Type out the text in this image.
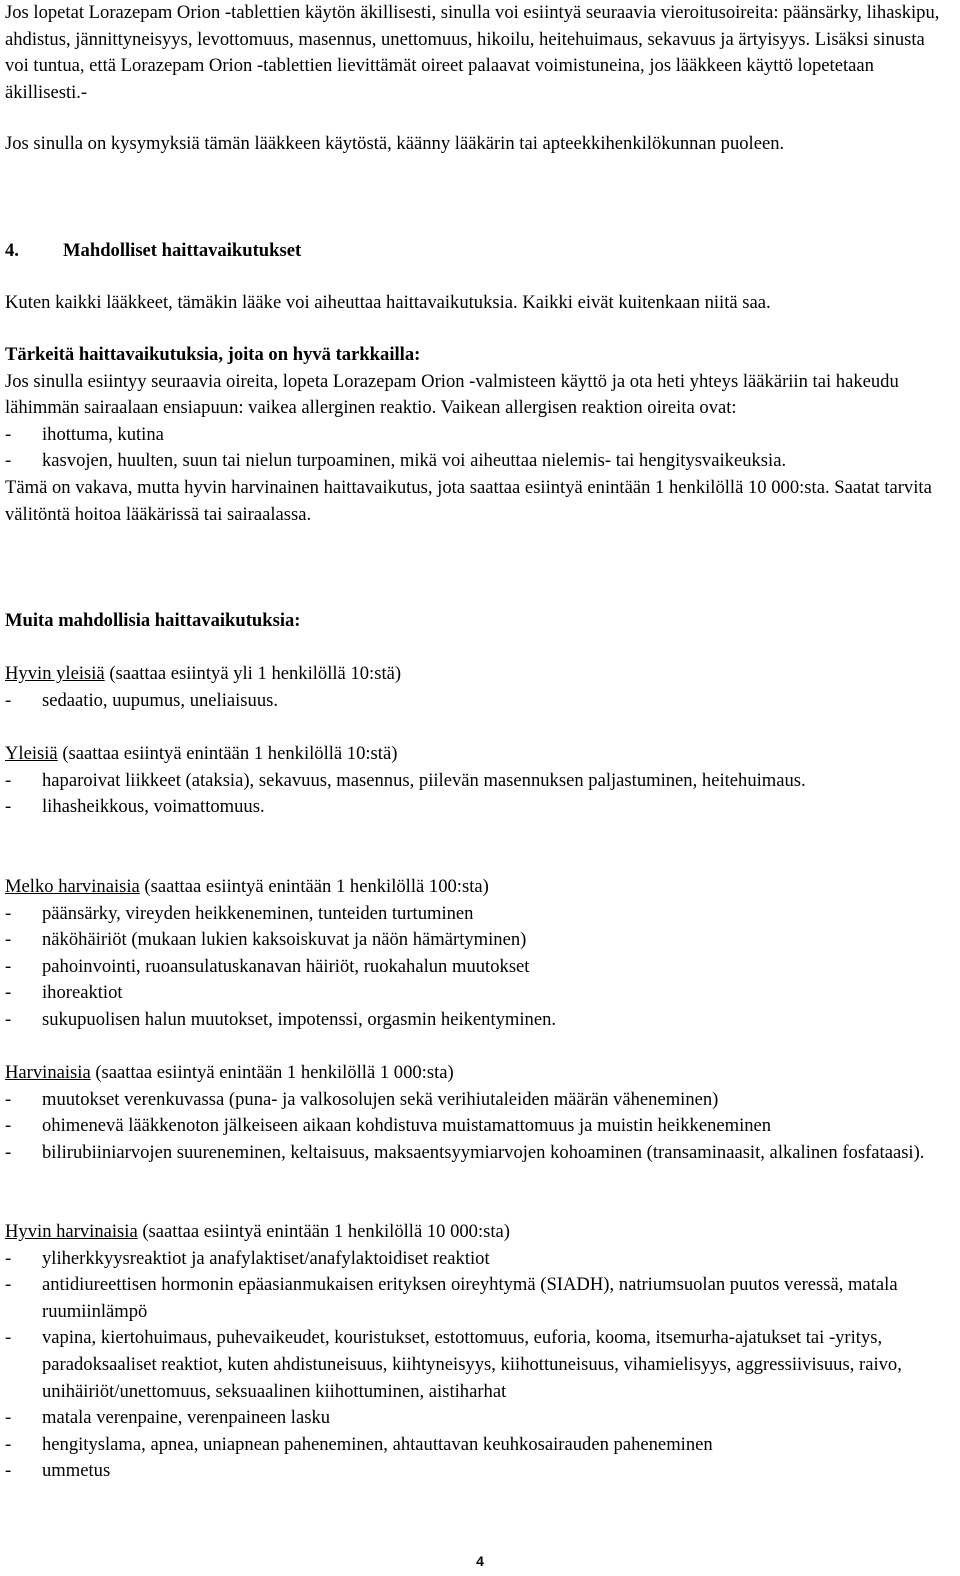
Jos lopetat Lorazepam Orion -tablettien käytön äkillisesti, sinulla voi esiintyä seuraavia vieroitusoireita: päänsärky, lihaskipu, ahdistus, jännittyneisyys, levottomuus, masennus, unettomuus, hikoilu, heitehuimaus, sekavuus ja ärtyisyys. Lisäksi sinusta voi tuntua, että Lorazepam Orion -tablettien lievittämät oireet palaavat voimistuneina, jos lääkkeen käyttö lopetetaan äkillisesti.-

Jos sinulla on kysymyksiä tämän lääkkeen käytöstä, käänny lääkärin tai apteekkihenkilökunnan puoleen.

4. Mahdolliset haittavaikutukset

Kuten kaikki lääkkeet, tämäkin lääke voi aiheuttaa haittavaikutuksia. Kaikki eivät kuitenkaan niitä saa.

Tärkeitä haittavaikutuksia, joita on hyvä tarkkailla:
Jos sinulla esiintyy seuraavia oireita, lopeta Lorazepam Orion -valmisteen käyttö ja ota heti yhteys lääkäriin tai hakeudu lähimmän sairaalaan ensiapuun: vaikea allerginen reaktio. Vaikean allergisen reaktion oireita ovat:
- ihottuma, kutina
- kasvojen, huulten, suun tai nielun turpoaminen, mikä voi aiheuttaa nielemis- tai hengitysvaikeuksia.
Tämä on vakava, mutta hyvin harvinainen haittavaikutus, jota saattaa esiintyä enintään 1 henkilöllä 10 000:sta. Saatat tarvita välitöntä hoitoa lääkärissä tai sairaalassa.
Muita mahdollisia haittavaikutuksia:
Hyvin yleisiä (saattaa esiintyä yli 1 henkilöllä 10:stä)
- sedaatio, uupumus, uneliaisuus.
Yleisiä (saattaa esiintyä enintään 1 henkilöllä 10:stä)
- haparoivat liikkeet (ataksia), sekavuus, masennus, piilevän masennuksen paljastuminen, heitehuimaus.
- lihasheikkous, voimattomuus.
Melko harvinaisia (saattaa esiintyä enintään 1 henkilöllä 100:sta)
- päänsärky, vireyden heikkeneminen, tunteiden turtuminen
- näköhäiriöt (mukaan lukien kaksoiskuvat ja näön hämärtyminen)
- pahoinvointi, ruoansulatuskanavan häiriöt, ruokahalun muutokset
- ihoreaktiot
- sukupuolisen halun muutokset, impotenssi, orgasmin heikentyminen.
Harvinaisia (saattaa esiintyä enintään 1 henkilöllä 1 000:sta)
- muutokset verenkuvassa (puna- ja valkosolujen sekä verihiutaleiden määrän väheneminen)
- ohimenevä lääkkenoton jälkeiseen aikaan kohdistuva muistamattomuus ja muistin heikkeneminen
- bilirubiiniarvojen suureneminen, keltaisuus, maksaentsyymiarvojen kohoaminen (transaminaasit, alkalinen fosfataasi).
Hyvin harvinaisia (saattaa esiintyä enintään 1 henkilöllä 10 000:sta)
- yliherkkyysreaktiot ja anafylaktiset/anafylaktoidiset reaktiot
- antidiureettisen hormonin epäasianmukaisen erityksen oireyhtymä (SIADH), natriumsuolan puutos veressä, matala ruumiinlämpö
- vapina, kiertohuimaus, puhevaikeudet, kouristukset, estottomuus, euforia, kooma, itsemurha-ajatukset tai -yritys, paradoksaaliset reaktiot, kuten ahdistuneisuus, kiihtyneisyys, kiihottuneisuus, vihamielisyys, aggressiivisuus, raivo, unihäiriöt/unettomuus, seksuaalinen kiihottuminen, aistiharhat
- matala verenpaine, verenpaineen lasku
- hengityslama, apnea, uniapnean paheneminen, ahtauttavan keuhkosairauden paheneminen
- ummetus
4
